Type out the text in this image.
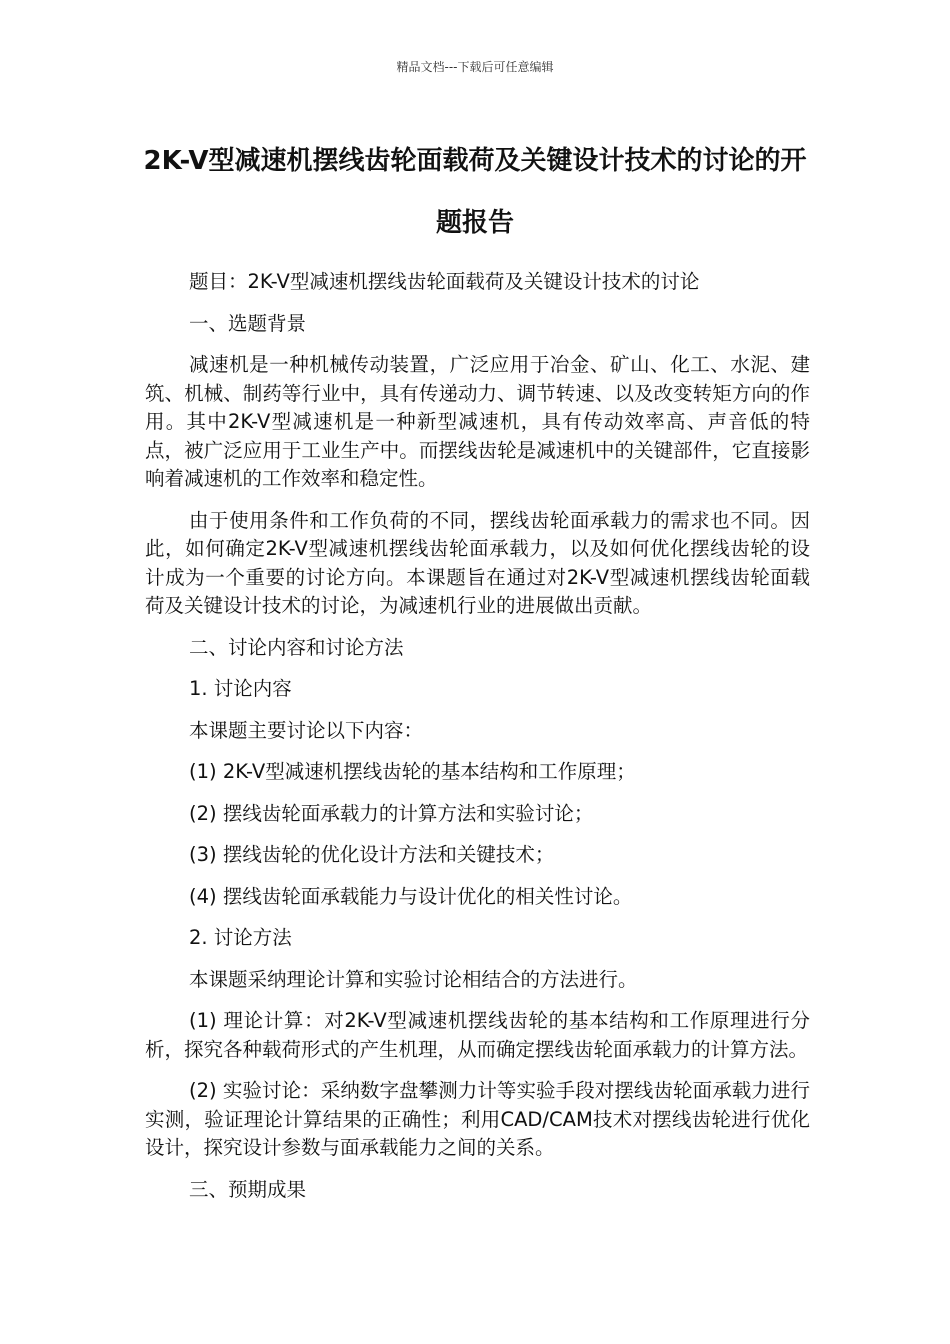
精品文档---下载后可任意编辑
2K-V型减速机摆线齿轮面载荷及关键设计技术的讨论的开题报告

题目：2K-V型减速机摆线齿轮面载荷及关键设计技术的讨论

一、选题背景

减速机是一种机械传动装置，广泛应用于冶金、矿山、化工、水泥、建筑、机械、制药等行业中，具有传递动力、调节转速、以及改变转矩方向的作用。其中2K-V型减速机是一种新型减速机，具有传动效率高、声音低的特点，被广泛应用于工业生产中。而摆线齿轮是减速机中的关键部件，它直接影响着减速机的工作效率和稳定性。

由于使用条件和工作负荷的不同，摆线齿轮面承载力的需求也不同。因此，如何确定2K-V型减速机摆线齿轮面承载力，以及如何优化摆线齿轮的设计成为一个重要的讨论方向。本课题旨在通过对2K-V型减速机摆线齿轮面载荷及关键设计技术的讨论，为减速机行业的进展做出贡献。

二、讨论内容和讨论方法

1. 讨论内容

本课题主要讨论以下内容：

(1) 2K-V型减速机摆线齿轮的基本结构和工作原理；

(2) 摆线齿轮面承载力的计算方法和实验讨论；

(3) 摆线齿轮的优化设计方法和关键技术；

(4) 摆线齿轮面承载能力与设计优化的相关性讨论。

2. 讨论方法

本课题采纳理论计算和实验讨论相结合的方法进行。

(1) 理论计算：对2K-V型减速机摆线齿轮的基本结构和工作原理进行分析，探究各种载荷形式的产生机理，从而确定摆线齿轮面承载力的计算方法。

(2) 实验讨论：采纳数字盘攀测力计等实验手段对摆线齿轮面承载力进行实测，验证理论计算结果的正确性；利用CAD/CAM技术对摆线齿轮进行优化设计，探究设计参数与面承载能力之间的关系。

三、预期成果
